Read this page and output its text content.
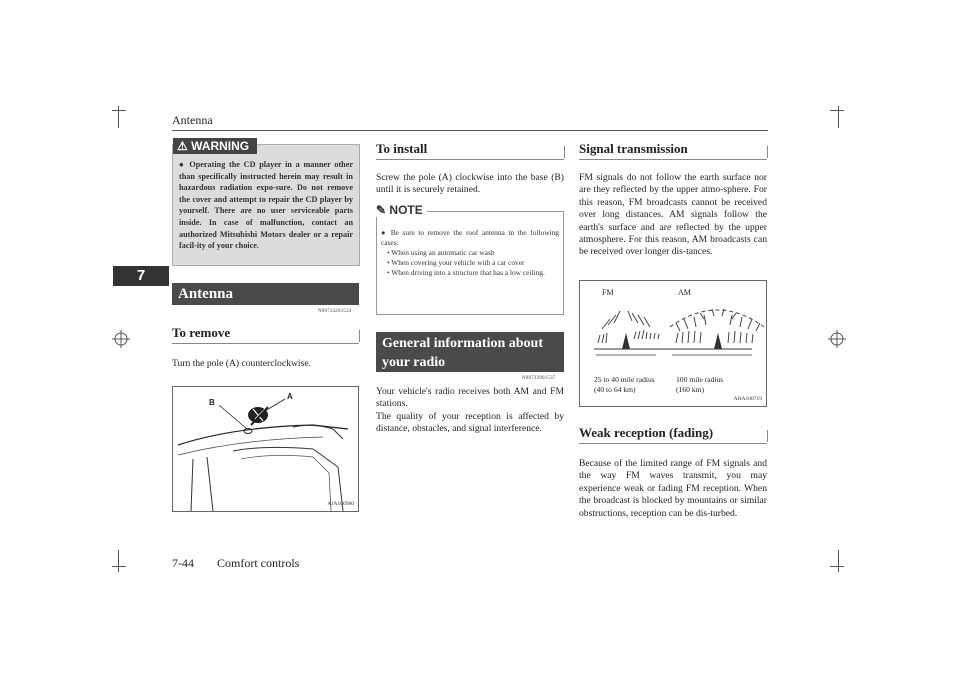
Antenna
7
⚠ WARNING
● Operating the CD player in a manner other than specifically instructed herein may result in hazardous radiation expo-sure. Do not remove the cover and attempt to repair the CD player by yourself. There are no user serviceable parts inside. In case of malfunction, contact an authorized Mitsubishi Motors dealer or a repair facil-ity of your choice.
Antenna
N00734201524
To remove
Turn the pole (A) counterclockwise.
B
A
AJA106980
To install
Screw the pole (A) clockwise into the base (B) until it is securely retained.
✎ NOTE
● Be sure to remove the roof antenna in the following cases:
• When using an automatic car wash
• When covering your vehicle with a car cover
• When driving into a structure that has a low ceiling.
General information about your radio
N00733901537
Your vehicle's radio receives both AM and FM stations.
The quality of your reception is affected by distance, obstacles, and signal interference.
Signal transmission
FM signals do not follow the earth surface nor are they reflected by the upper atmo-sphere. For this reason, FM broadcasts cannot be received over long distances. AM signals follow the earth's surface and are reflected by the upper atmosphere. For this reason, AM broadcasts can be received over longer dis-tances.
FM	AM
25 to 40 mile radius
(40 to 64 km)
100 mile radius
(160 km)
AHA100719
Weak reception (fading)
Because of the limited range of FM signals and the way FM waves transmit, you may experience weak or fading FM reception. When the broadcast is blocked by mountains or similar obstructions, reception can be dis-turbed.
7-44 Comfort controls
